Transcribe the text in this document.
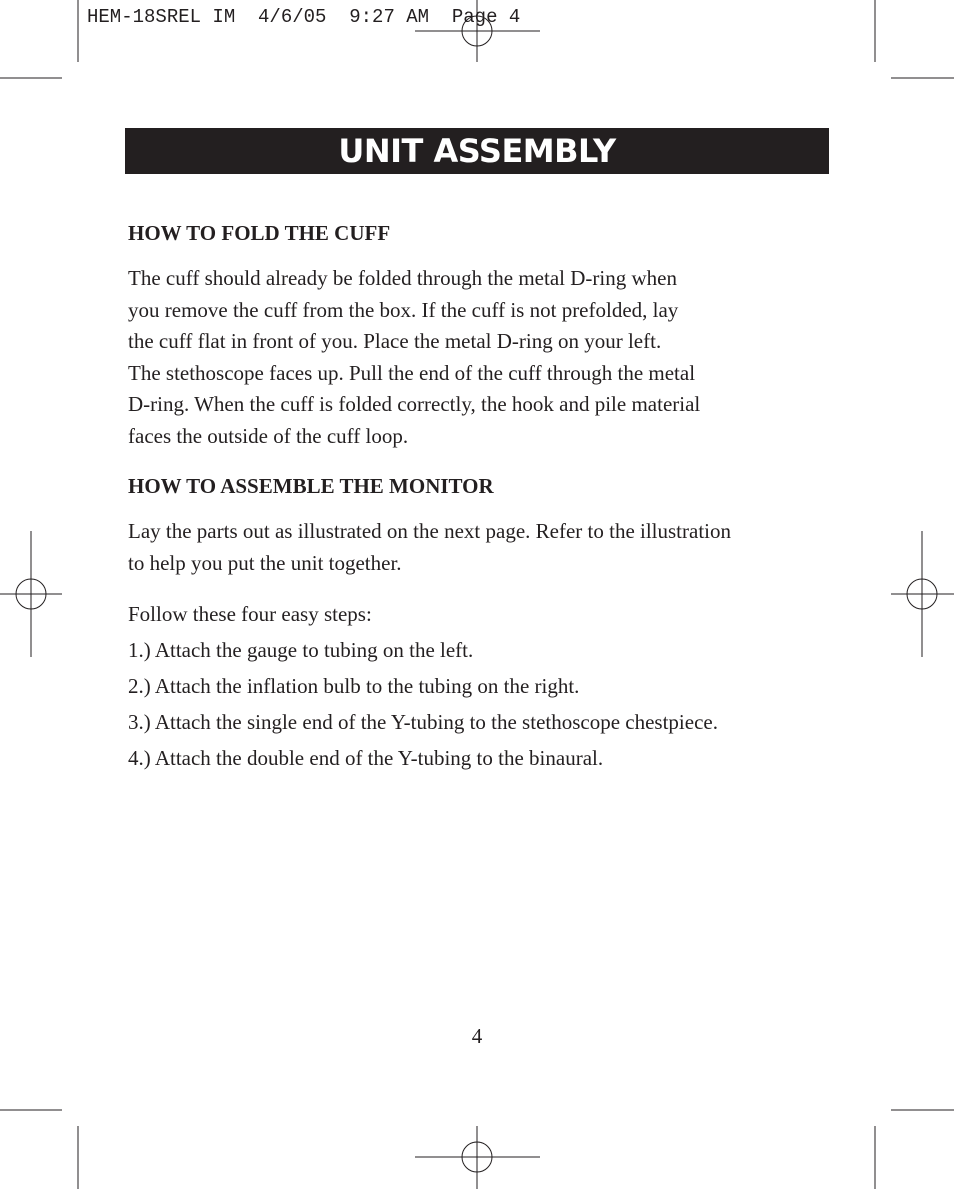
HEM-18SREL IM  4/6/05  9:27 AM  Page 4
UNIT ASSEMBLY

HOW TO FOLD THE CUFF

The cuff should already be folded through the metal D-ring when

you remove the cuff from the box. If the cuff is not prefolded, lay

the cuff flat in front of you. Place the metal D-ring on your left.

The stethoscope faces up. Pull the end of the cuff through the metal

D-ring. When the cuff is folded correctly, the hook and pile material

faces the outside of the cuff loop.

HOW TO ASSEMBLE THE MONITOR

Lay the parts out as illustrated on the next page. Refer to the illustration

to help you put the unit together.

Follow these four easy steps:

1.) Attach the gauge to tubing on the left.

2.) Attach the inflation bulb to the tubing on the right.

3.) Attach the single end of the Y-tubing to the stethoscope chestpiece.

4.) Attach the double end of the Y-tubing to the binaural.

4
